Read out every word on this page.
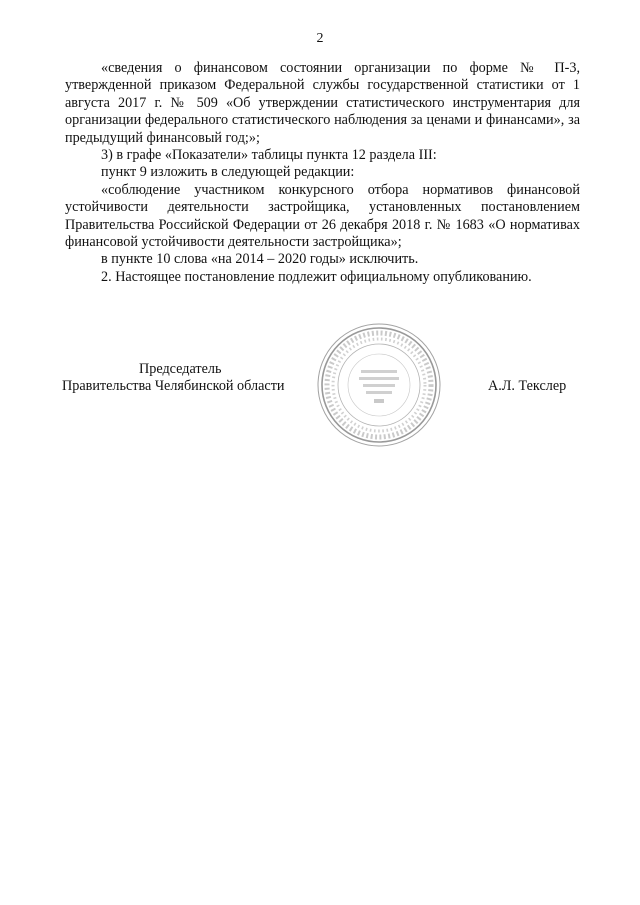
2

«сведения о финансовом состоянии организации по форме № П-3, утвержденной приказом Федеральной службы государственной статистики от 1 августа 2017 г. № 509 «Об утверждении статистического инструментария для организации федерального статистического наблюдения за ценами и финансами», за предыдущий финансовый год;»;

3) в графе «Показатели» таблицы пункта 12 раздела III:

пункт 9 изложить в следующей редакции:

«соблюдение участником конкурсного отбора нормативов финансовой устойчивости деятельности застройщика, установленных постановлением Правительства Российской Федерации от 26 декабря 2018 г. № 1683 «О нормативах финансовой устойчивости деятельности застройщика»;

в пункте 10 слова «на 2014 – 2020 годы» исключить.

2. Настоящее постановление подлежит официальному опубликованию.

Председатель
Правительства Челябинской области	А.Л. Текслер
